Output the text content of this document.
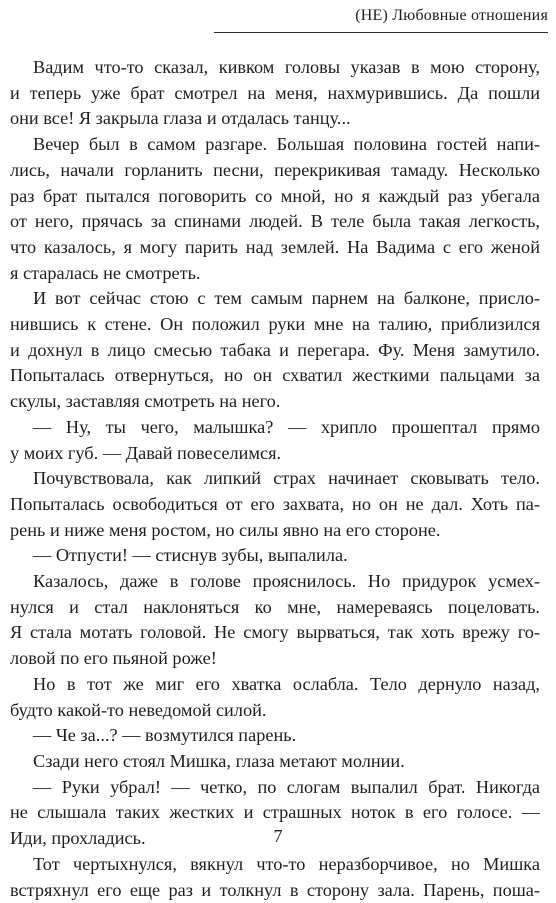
(НЕ) Любовные отношения
Вадим что-то сказал, кивком головы указав в мою сторону,
и теперь уже брат смотрел на меня, нахмурившись. Да пошли
они все! Я закрыла глаза и отдалась танцу...
Вечер был в самом разгаре. Большая половина гостей напи-
лись, начали горланить песни, перекрикивая тамаду. Несколько
раз брат пытался поговорить со мной, но я каждый раз убегала
от него, прячась за спинами людей. В теле была такая легкость,
что казалось, я могу парить над землей. На Вадима с его женой
я старалась не смотреть.
И вот сейчас стою с тем самым парнем на балконе, присло-
нившись к стене. Он положил руки мне на талию, приблизился
и дохнул в лицо смесью табака и перегара. Фу. Меня замутило.
Попыталась отвернуться, но он схватил жесткими пальцами за
скулы, заставляя смотреть на него.
— Ну, ты чего, малышка? — хрипло прошептал прямо
у моих губ. — Давай повеселимся.
Почувствовала, как липкий страх начинает сковывать тело.
Попыталась освободиться от его захвата, но он не дал. Хоть па-
рень и ниже меня ростом, но силы явно на его стороне.
— Отпусти! — стиснув зубы, выпалила.
Казалось, даже в голове прояснилось. Но придурок усмех-
нулся и стал наклоняться ко мне, намереваясь поцеловать.
Я стала мотать головой. Не смогу вырваться, так хоть врежу го-
ловой по его пьяной роже!
Но в тот же миг его хватка ослабла. Тело дернуло назад,
будто какой-то неведомой силой.
— Че за...? — возмутился парень.
Сзади него стоял Мишка, глаза метают молнии.
— Руки убрал! — четко, по слогам выпалил брат. Никогда
не слышала таких жестких и страшных ноток в его голосе. —
Иди, прохладись.
Тот чертыхнулся, вякнул что-то неразборчивое, но Мишка
встряхнул его еще раз и толкнул в сторону зала. Парень, поша-
7
